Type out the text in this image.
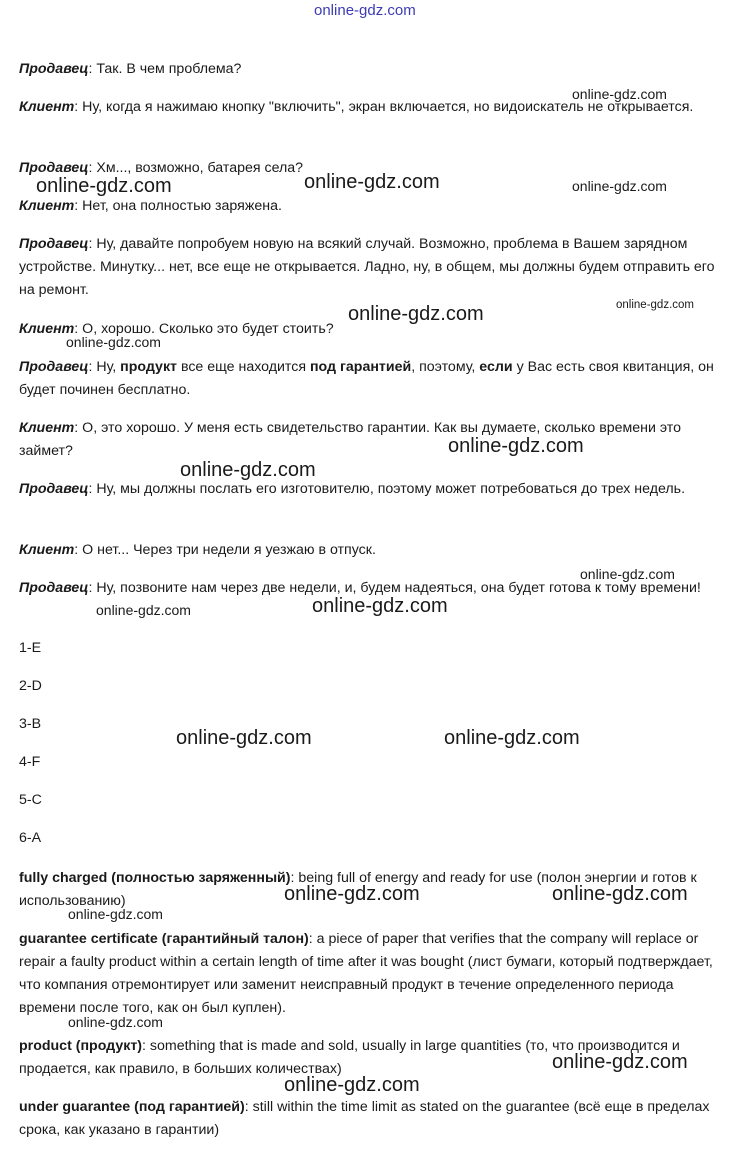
online-gdz.com

Продавец: Так. В чем проблема?

Клиент: Ну, когда я нажимаю кнопку "включить", экран включается, но видоискатель не открывается.

Продавец: Хм..., возможно, батарея села?

Клиент: Нет, она полностью заряжена.

Продавец: Ну, давайте попробуем новую на всякий случай. Возможно, проблема в Вашем зарядном устройстве. Минутку... нет, все еще не открывается. Ладно, ну, в общем, мы должны будем отправить его на ремонт.

Клиент: О, хорошо. Сколько это будет стоить?

Продавец: Ну, продукт все еще находится под гарантией, поэтому, если у Вас есть своя квитанция, он будет починен бесплатно.

Клиент: О, это хорошо. У меня есть свидетельство гарантии. Как вы думаете, сколько времени это займет?

Продавец: Ну, мы должны послать его изготовителю, поэтому может потребоваться до трех недель.

Клиент: О нет... Через три недели я уезжаю в отпуск.

Продавец: Ну, позвоните нам через две недели, и, будем надеяться, она будет готова к тому времени!

1-E
2-D
3-B
4-F
5-C
6-A

fully charged (полностью заряженный): being full of energy and ready for use (полон энергии и готов к использованию)

guarantee certificate (гарантийный талон): a piece of paper that verifies that the company will replace or repair a faulty product within a certain length of time after it was bought (лист бумаги, который подтверждает, что компания отремонтирует или заменит неисправный продукт в течение определенного периода времени после того, как он был куплен).

product (продукт): something that is made and sold, usually in large quantities (то, что производится и продается, как правило, в больших количествах)

under guarantee (под гарантией): still within the time limit as stated on the guarantee (всё еще в пределах срока, как указано в гарантии)

online-gdz.com
online-gdz.com	online-gdz.com	online-gdz.com
online-gdz.com
online-gdz.com
online-gdz.com
online-gdz.com
online-gdz.com
online-gdz.com
online-gdz.com
online-gdz.com
online-gdz.com	online-gdz.com
online-gdz.com	online-gdz.com
online-gdz.com
online-gdz.com
online-gdz.com
online-gdz.com
